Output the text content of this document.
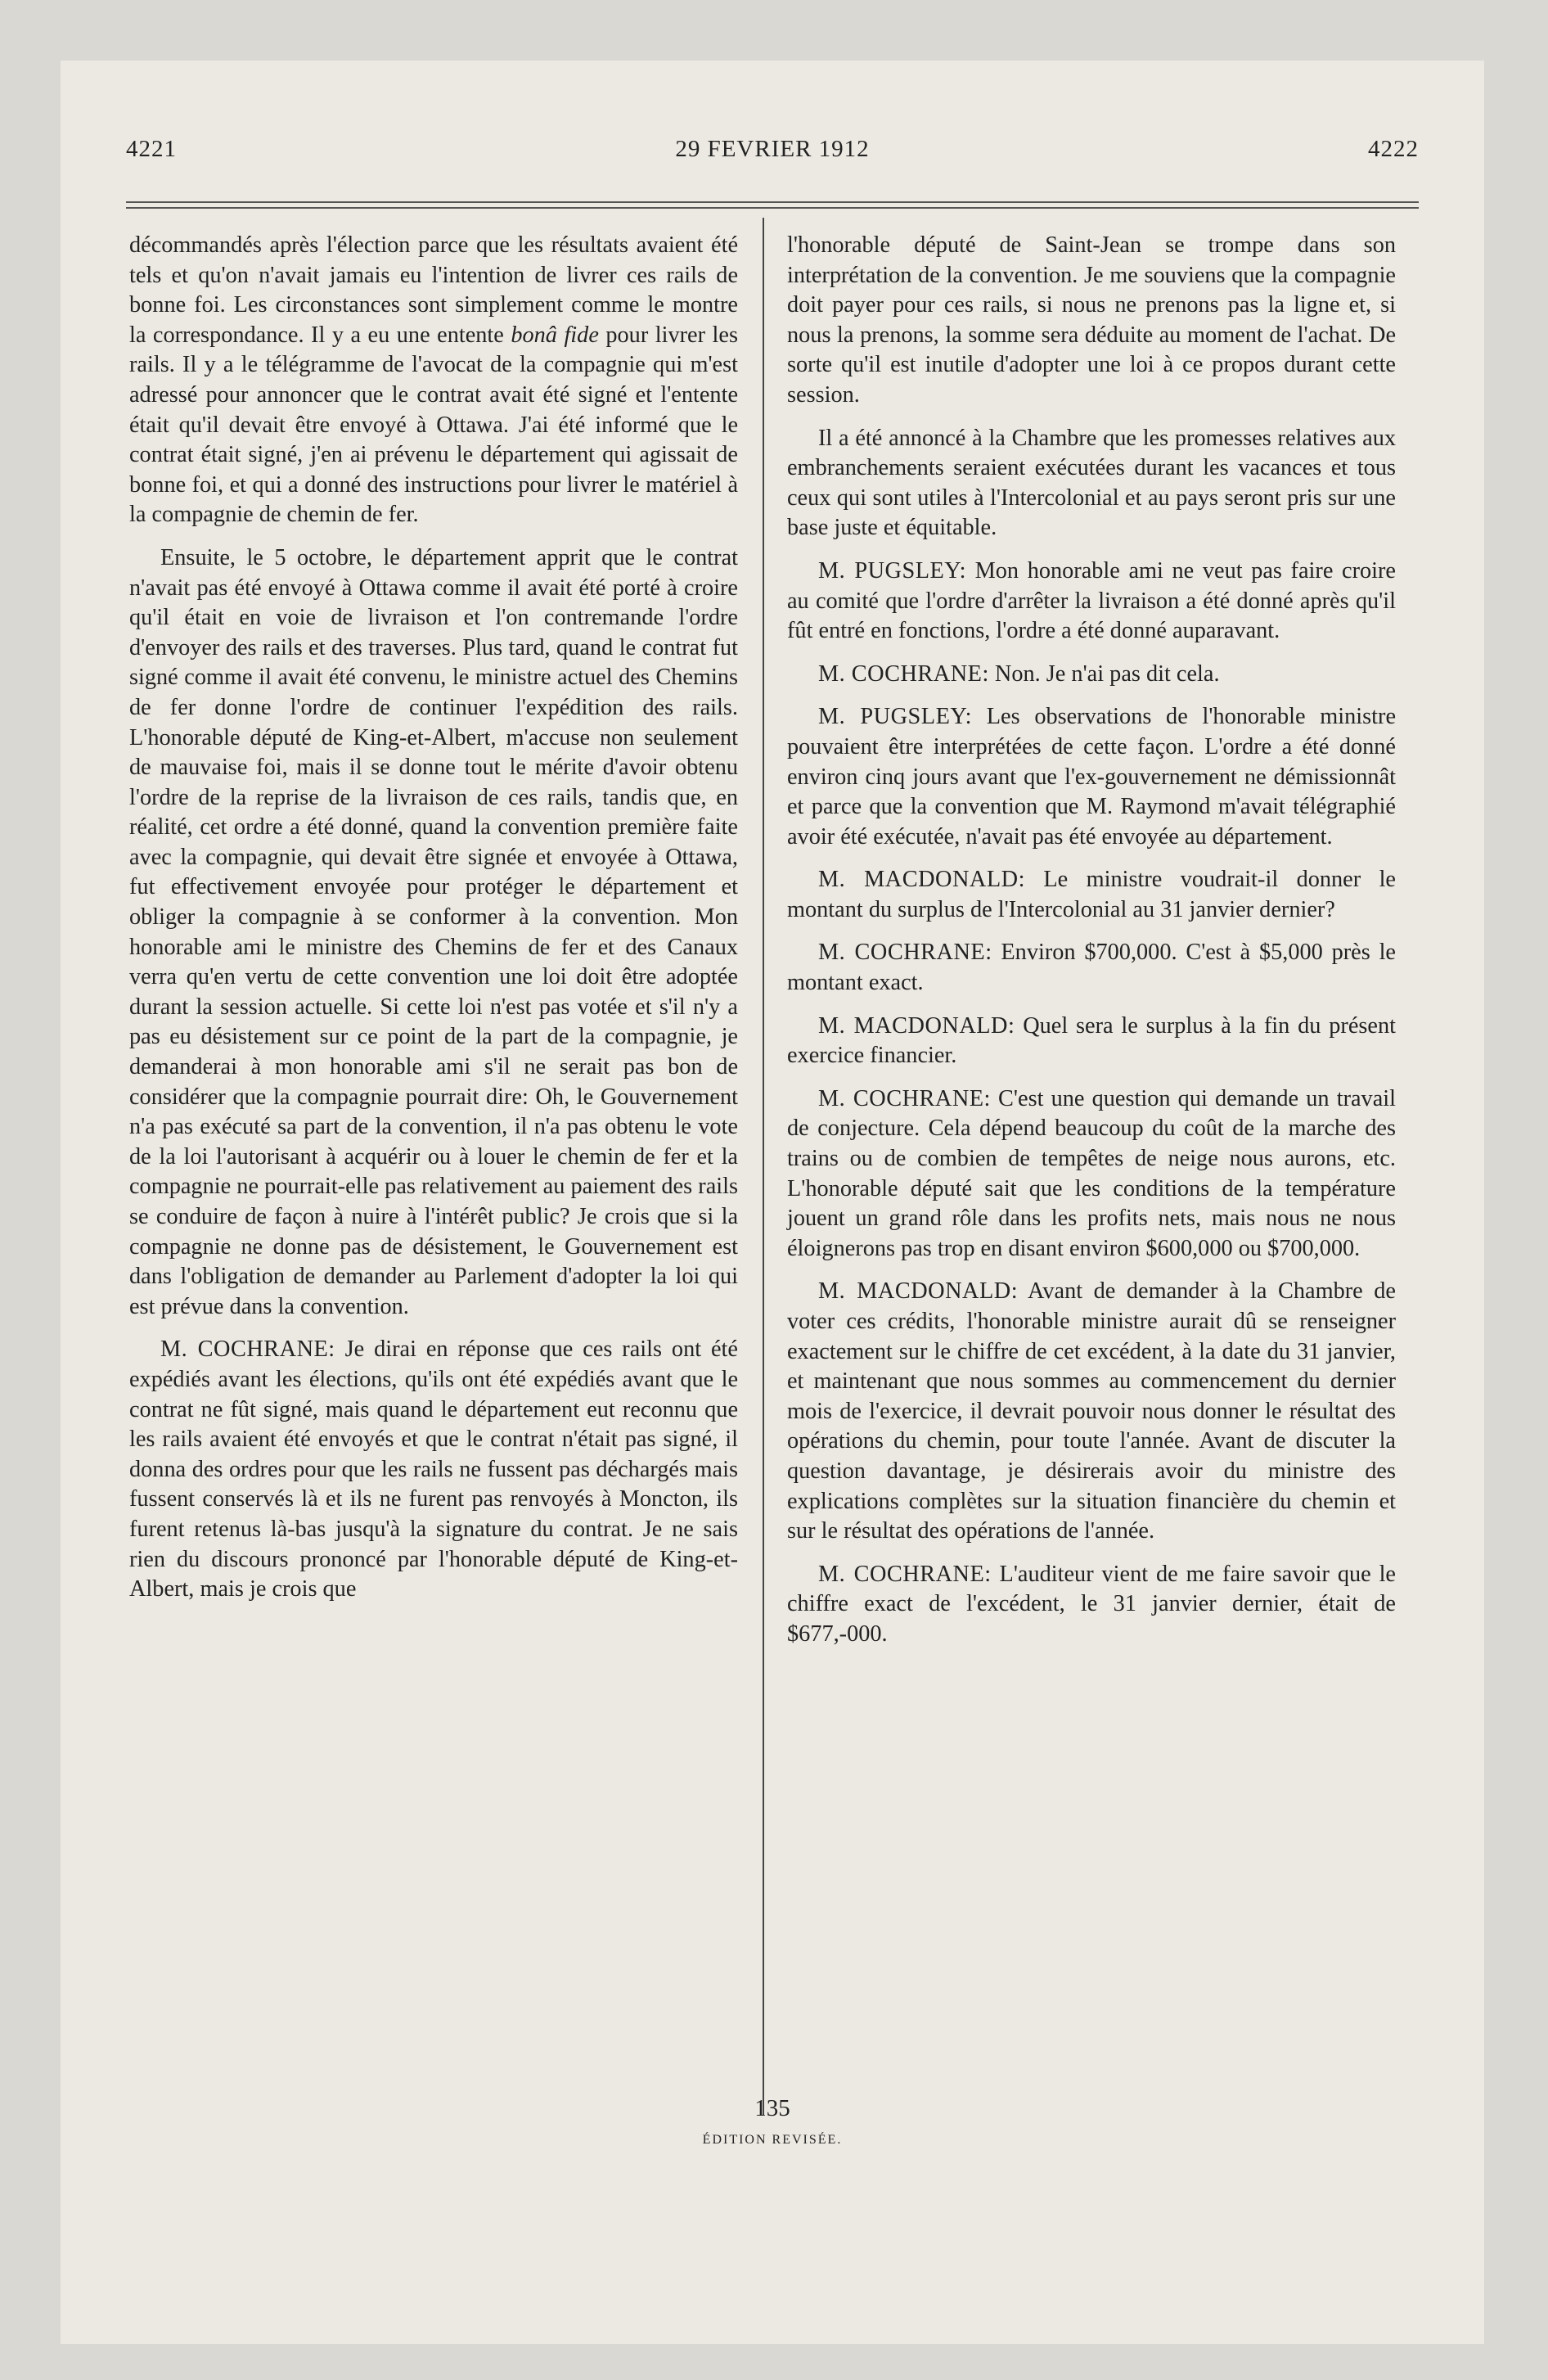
4221	29 FEVRIER 1912	4222

décommandés après l'élection parce que les résultats avaient été tels et qu'on n'avait jamais eu l'intention de livrer ces rails de bonne foi. Les circonstances sont simplement comme le montre la correspondance. Il y a eu une entente bonâ fide pour livrer les rails. Il y a le télégramme de l'avocat de la compagnie qui m'est adressé pour annoncer que le contrat avait été signé et l'entente était qu'il devait être envoyé à Ottawa. J'ai été informé que le contrat était signé, j'en ai prévenu le département qui agissait de bonne foi, et qui a donné des instructions pour livrer le matériel à la compagnie de chemin de fer.

Ensuite, le 5 octobre, le département apprit que le contrat n'avait pas été envoyé à Ottawa comme il avait été porté à croire qu'il était en voie de livraison et l'on contremande l'ordre d'envoyer des rails et des traverses. Plus tard, quand le contrat fut signé comme il avait été convenu, le ministre actuel des Chemins de fer donne l'ordre de continuer l'expédition des rails. L'honorable député de King-et-Albert, m'accuse non seulement de mauvaise foi, mais il se donne tout le mérite d'avoir obtenu l'ordre de la reprise de la livraison de ces rails, tandis que, en réalité, cet ordre a été donné, quand la convention première faite avec la compagnie, qui devait être signée et envoyée à Ottawa, fut effectivement envoyée pour protéger le département et obliger la compagnie à se conformer à la convention. Mon honorable ami le ministre des Chemins de fer et des Canaux verra qu'en vertu de cette convention une loi doit être adoptée durant la session actuelle. Si cette loi n'est pas votée et s'il n'y a pas eu désistement sur ce point de la part de la compagnie, je demanderai à mon honorable ami s'il ne serait pas bon de considérer que la compagnie pourrait dire: Oh, le Gouvernement n'a pas exécuté sa part de la convention, il n'a pas obtenu le vote de la loi l'autorisant à acquérir ou à louer le chemin de fer et la compagnie ne pourrait-elle pas relativement au paiement des rails se conduire de façon à nuire à l'intérêt public? Je crois que si la compagnie ne donne pas de désistement, le Gouvernement est dans l'obligation de demander au Parlement d'adopter la loi qui est prévue dans la convention.

M. COCHRANE: Je dirai en réponse que ces rails ont été expédiés avant les élections, qu'ils ont été expédiés avant que le contrat ne fût signé, mais quand le département eut reconnu que les rails avaient été envoyés et que le contrat n'était pas signé, il donna des ordres pour que les rails ne fussent pas déchargés mais fussent conservés là et ils ne furent pas renvoyés à Moncton, ils furent retenus là-bas jusqu'à la signature du contrat. Je ne sais rien du discours prononcé par l'honorable député de King-et-Albert, mais je crois que

l'honorable député de Saint-Jean se trompe dans son interprétation de la convention. Je me souviens que la compagnie doit payer pour ces rails, si nous ne prenons pas la ligne et, si nous la prenons, la somme sera déduite au moment de l'achat. De sorte qu'il est inutile d'adopter une loi à ce propos durant cette session.

Il a été annoncé à la Chambre que les promesses relatives aux embranchements seraient exécutées durant les vacances et tous ceux qui sont utiles à l'Intercolonial et au pays seront pris sur une base juste et équitable.

M. PUGSLEY: Mon honorable ami ne veut pas faire croire au comité que l'ordre d'arrêter la livraison a été donné après qu'il fût entré en fonctions, l'ordre a été donné auparavant.

M. COCHRANE: Non. Je n'ai pas dit cela.

M. PUGSLEY: Les observations de l'honorable ministre pouvaient être interprétées de cette façon. L'ordre a été donné environ cinq jours avant que l'ex-gouvernement ne démissionnât et parce que la convention que M. Raymond m'avait télégraphié avoir été exécutée, n'avait pas été envoyée au département.

M. MACDONALD: Le ministre voudrait-il donner le montant du surplus de l'Intercolonial au 31 janvier dernier?

M. COCHRANE: Environ $700,000. C'est à $5,000 près le montant exact.

M. MACDONALD: Quel sera le surplus à la fin du présent exercice financier.

M. COCHRANE: C'est une question qui demande un travail de conjecture. Cela dépend beaucoup du coût de la marche des trains ou de combien de tempêtes de neige nous aurons, etc. L'honorable député sait que les conditions de la température jouent un grand rôle dans les profits nets, mais nous ne nous éloignerons pas trop en disant environ $600,000 ou $700,000.

M. MACDONALD: Avant de demander à la Chambre de voter ces crédits, l'honorable ministre aurait dû se renseigner exactement sur le chiffre de cet excédent, à la date du 31 janvier, et maintenant que nous sommes au commencement du dernier mois de l'exercice, il devrait pouvoir nous donner le résultat des opérations du chemin, pour toute l'année. Avant de discuter la question davantage, je désirerais avoir du ministre des explications complètes sur la situation financière du chemin et sur le résultat des opérations de l'année.

M. COCHRANE: L'auditeur vient de me faire savoir que le chiffre exact de l'excédent, le 31 janvier dernier, était de $677,-000.

135
ÉDITION REVISÉE.
